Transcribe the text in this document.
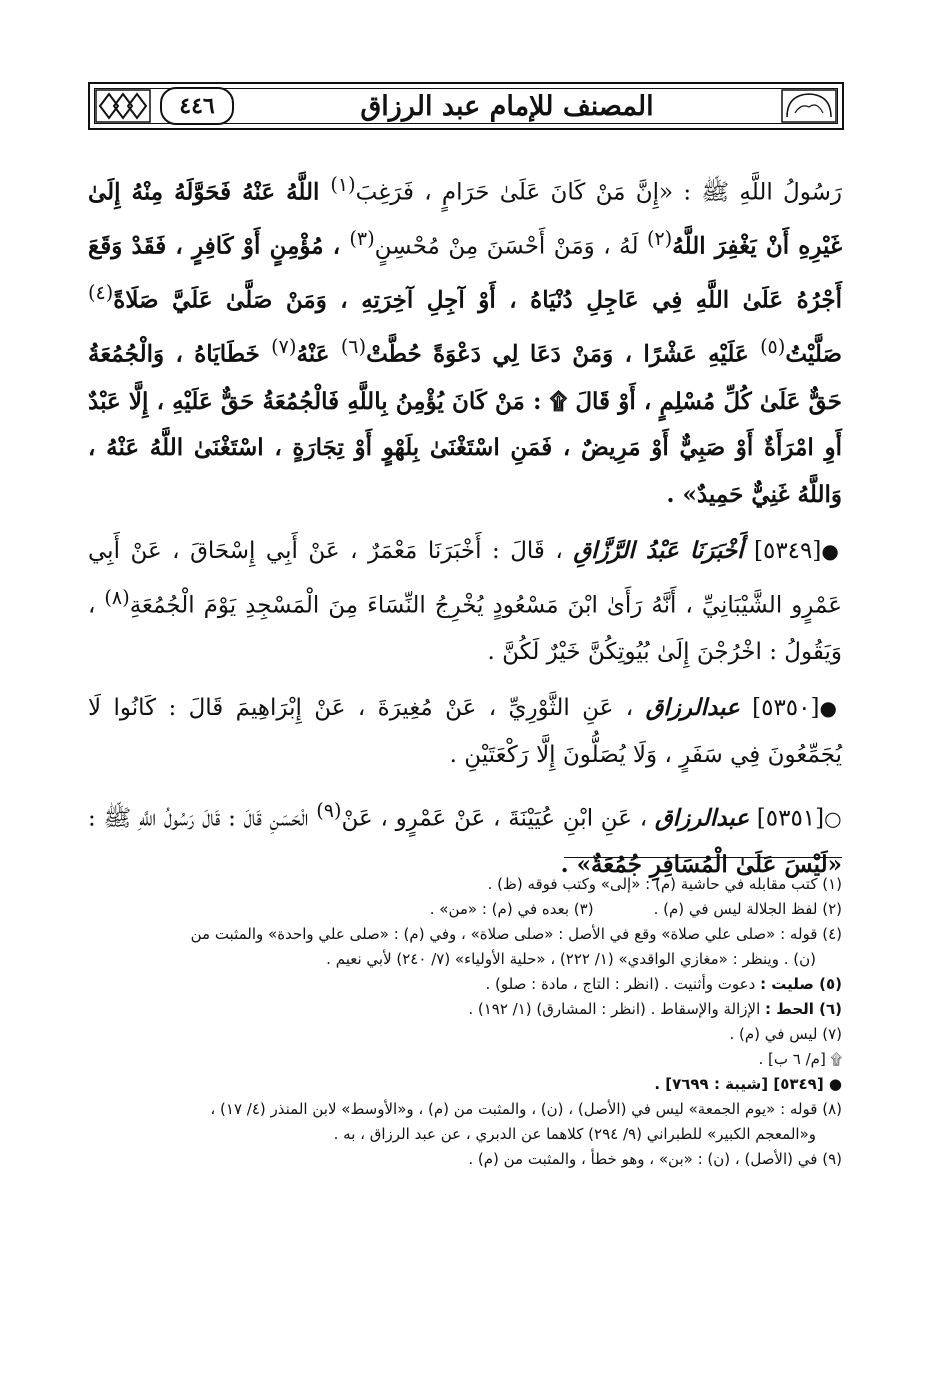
٤٤٦	المصنف للإمام عبد الرزاق

رَسُولُ اللَّهِ ﷺ : «إِنَّ مَنْ كَانَ عَلَىٰ حَرَامٍ ، فَرَغِبَ$^{(١)}$ اللَّهُ عَنْهُ فَحَوَّلَهُ مِنْهُ إِلَىٰ غَيْرِهِ أَنْ يَغْفِرَ اللَّهُ$^{(٢)}$ لَهُ ، وَمَنْ أَحْسَنَ مِنْ مُحْسِنٍ$^{(٣)}$ ، مُؤْمِنٍ أَوْ كَافِرٍ ، فَقَدْ وَقَعَ أَجْرُهُ عَلَىٰ اللَّهِ فِي عَاجِلِ دُنْيَاهُ ، أَوْ آجِلِ آخِرَتِهِ ، وَمَنْ صَلَّىٰ عَلَيَّ صَلَاةً$^{(٤)}$ صَلَّيْتُ$^{(٥)}$ عَلَيْهِ عَشْرًا ، وَمَنْ دَعَا لِي دَعْوَةً حُطَّتْ$^{(٦)}$ عَنْهُ$^{(٧)}$ خَطَايَاهُ ، وَالْجُمُعَةُ حَقٌّ عَلَىٰ كُلِّ مُسْلِمٍ ، أَوْ قَالَ ۩ : مَنْ كَانَ يُؤْمِنُ بِاللَّهِ فَالْجُمُعَةُ حَقٌّ عَلَيْهِ ، إِلَّا عَبْدٌ أَوِ امْرَأَةٌ أَوْ صَبِيٌّ أَوْ مَرِيضٌ ، فَمَنِ اسْتَغْنَىٰ بِلَهْوٍ أَوْ تِجَارَةٍ ، اسْتَغْنَىٰ اللَّهُ عَنْهُ ، وَاللَّهُ غَنِيٌّ حَمِيدٌ» .

●[٥٣٤٩] أَخْبَرَنَا عَبْدُ الرَّزَّاقِ ، قَالَ : أَخْبَرَنَا مَعْمَرٌ ، عَنْ أَبِي إِسْحَاقَ ، عَنْ أَبِي عَمْرٍو الشَّيْبَانِيِّ ، أَنَّهُ رَأَىٰ ابْنَ مَسْعُودٍ يُخْرِجُ النِّسَاءَ مِنَ الْمَسْجِدِ يَوْمَ الْجُمُعَةِ$^{(٨)}$ ، وَيَقُولُ : اخْرُجْنَ إِلَىٰ بُيُوتِكُنَّ خَيْرٌ لَكُنَّ .

●[٥٣٥٠] عبدالرزاق ، عَنِ الثَّوْرِيِّ ، عَنْ مُغِيرَةَ ، عَنْ إِبْرَاهِيمَ قَالَ : كَانُوا لَا يُجَمِّعُونَ فِي سَفَرٍ ، وَلَا يُصَلُّونَ إِلَّا رَكْعَتَيْنِ .

○[٥٣٥١] عبدالرزاق ، عَنِ ابْنِ عُيَيْنَةَ ، عَنْ عَمْرٍو ، عَنْ$^{(٩)}$ الْحَسَنِ قَالَ : قَالَ رَسُولُ اللَّهِ ﷺ : «لَيْسَ عَلَىٰ الْمُسَافِرِ جُمُعَةٌ» .

(١) كتب مقابله في حاشية (م) : «إلى» وكتب فوقه (ظ) .

(٢) لفظ الجلالة ليس في (م) .
(٣) بعده في (م) : «من» .

(٤) قوله : «صلى علي صلاة» وقع في الأصل : «صلى صلاة» ، وفي (م) : «صلى علي واحدة» والمثبت من

(ن) . وينظر : «مغازي الواقدي» (١/ ٢٢٢) ، «حلية الأولياء» (٧/ ٢٤٠) لأبي نعيم .

(٥) صليت : دعوت وأثنيت . (انظر : التاج ، مادة : صلو) .

(٦) الحط : الإزالة والإسقاط . (انظر : المشارق) (١/ ١٩٢) .

(٧) ليس في (م) .

۩ [م/ ٦ ب] .

● [٥٣٤٩] [شيبة : ٧٦٩٩] .

(٨) قوله : «يوم الجمعة» ليس في (الأصل) ، (ن) ، والمثبت من (م) ، و«الأوسط» لابن المنذر (٤/ ١٧) ،

و«المعجم الكبير» للطبراني (٩/ ٢٩٤) كلاهما عن الدبري ، عن عبد الرزاق ، به .

(٩) في (الأصل) ، (ن) : «بن» ، وهو خطأ ، والمثبت من (م) .
